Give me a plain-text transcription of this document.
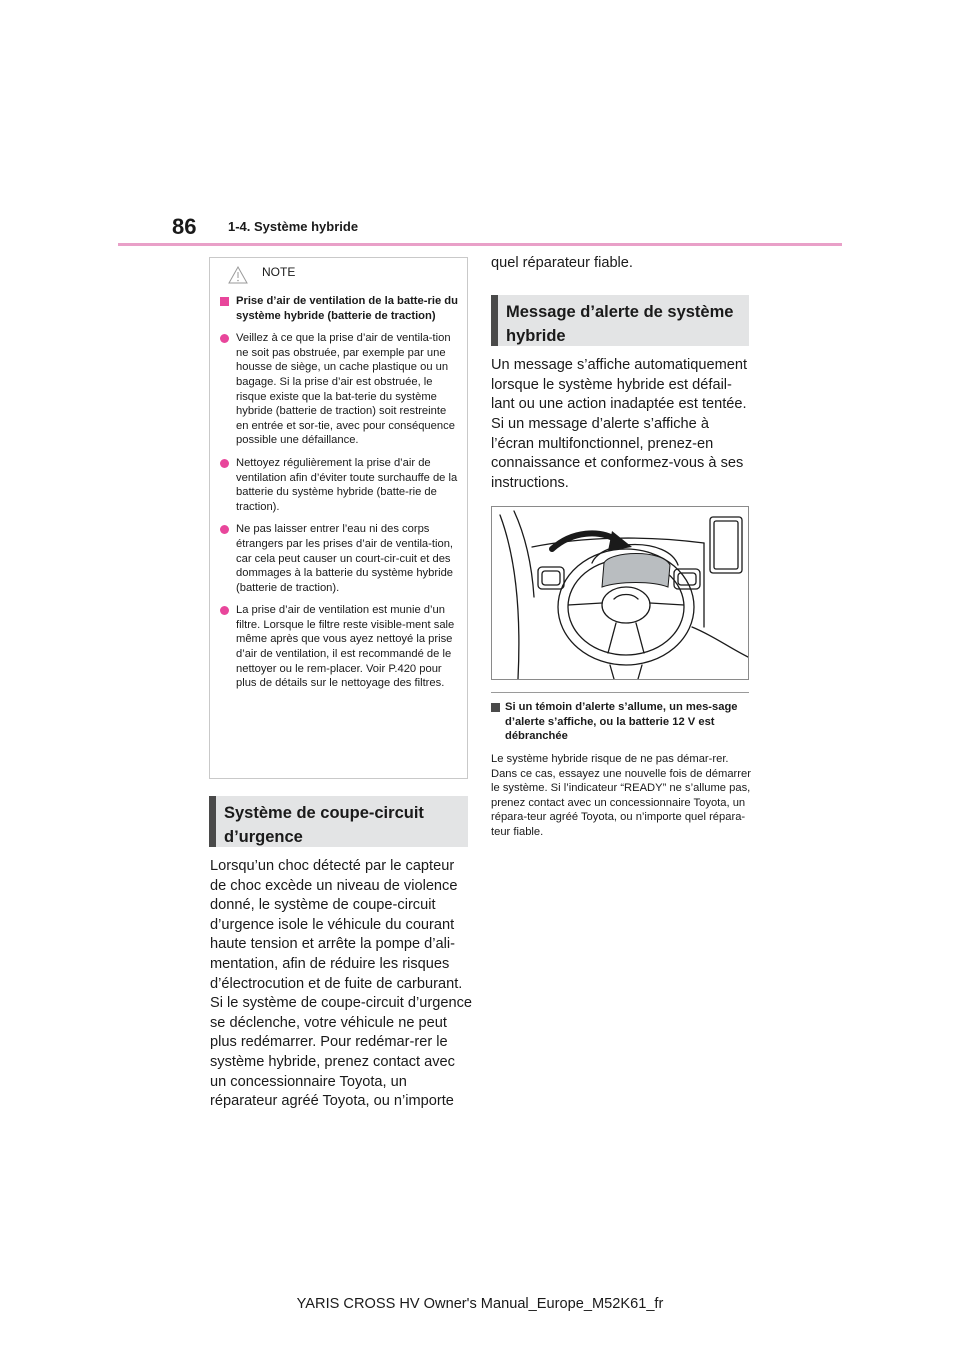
86 1-4. Système hybride
NOTE
Prise d’air de ventilation de la batte-rie du système hybride (batterie de traction)
Veillez à ce que la prise d’air de ventila-tion ne soit pas obstruée, par exemple par une housse de siège, un cache plastique ou un bagage. Si la prise d’air est obstruée, le risque existe que la bat-terie du système hybride (batterie de traction) soit restreinte en entrée et sor-tie, avec pour conséquence possible une défaillance.
Nettoyez régulièrement la prise d’air de ventilation afin d’éviter toute surchauffe de la batterie du système hybride (batte-rie de traction).
Ne pas laisser entrer l’eau ni des corps étrangers par les prises d’air de ventila-tion, car cela peut causer un court-cir-cuit et des dommages à la batterie du système hybride (batterie de traction).
La prise d’air de ventilation est munie d’un filtre. Lorsque le filtre reste visible-ment sale même après que vous ayez nettoyé la prise d’air de ventilation, il est recommandé de le nettoyer ou le rem-placer. Voir P.420 pour plus de détails sur le nettoyage des filtres.
Système de coupe-circuit d’urgence
Lorsqu’un choc détecté par le capteur de choc excède un niveau de violence donné, le système de coupe-circuit d’urgence isole le véhicule du courant haute tension et arrête la pompe d’ali-mentation, afin de réduire les risques d’électrocution et de fuite de carburant. Si le système de coupe-circuit d’urgence se déclenche, votre véhicule ne peut plus redémarrer. Pour redémar-rer le système hybride, prenez contact avec un concessionnaire Toyota, un réparateur agréé Toyota, ou n’importe
quel réparateur fiable.
Message d’alerte de système hybride
Un message s’affiche automatiquement lorsque le système hybride est défail-lant ou une action inadaptée est tentée.
Si un message d’alerte s’affiche à l’écran multifonctionnel, prenez-en connaissance et conformez-vous à ses instructions.
Si un témoin d’alerte s’allume, un mes-sage d’alerte s’affiche, ou la batterie 12 V est débranchée
Le système hybride risque de ne pas démar-rer. Dans ce cas, essayez une nouvelle fois de démarrer le système. Si l’indicateur “READY” ne s’allume pas, prenez contact avec un concessionnaire Toyota, un répara-teur agréé Toyota, ou n’importe quel répara-teur fiable.
YARIS CROSS HV Owner's Manual_Europe_M52K61_fr
